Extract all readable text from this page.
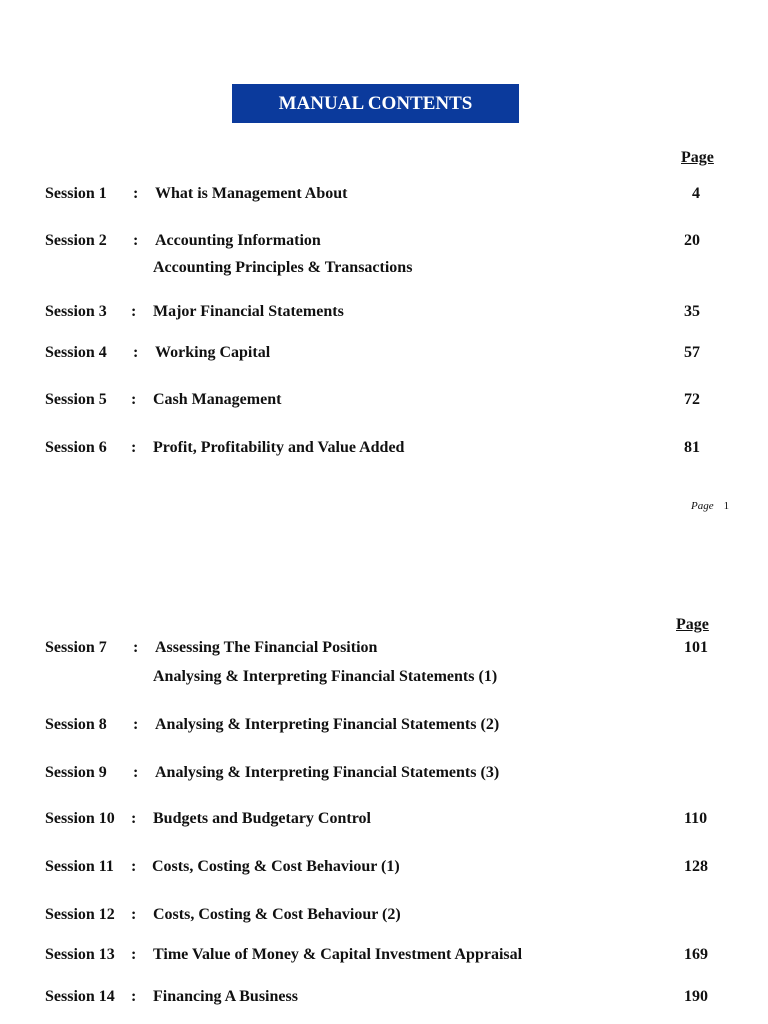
MANUAL CONTENTS
Page
Session 1 : What is Management About	4
Session 2 : Accounting Information	20
Accounting Principles & Transactions
Session 3 : Major Financial Statements	35
Session 4 : Working Capital	57
Session 5 : Cash Management	72
Session 6 : Profit, Profitability and Value Added	81
Page 1
Page
Session 7 : Assessing The Financial Position	101
Analysing & Interpreting Financial Statements (1)
Session 8 : Analysing & Interpreting Financial Statements (2)
Session 9 : Analysing & Interpreting Financial Statements (3)
Session 10 : Budgets and Budgetary Control	110
Session 11 : Costs, Costing & Cost Behaviour (1)	128
Session 12 : Costs, Costing & Cost Behaviour (2)
Session 13 : Time Value of Money & Capital Investment Appraisal	169
Session 14 : Financing A Business	190
